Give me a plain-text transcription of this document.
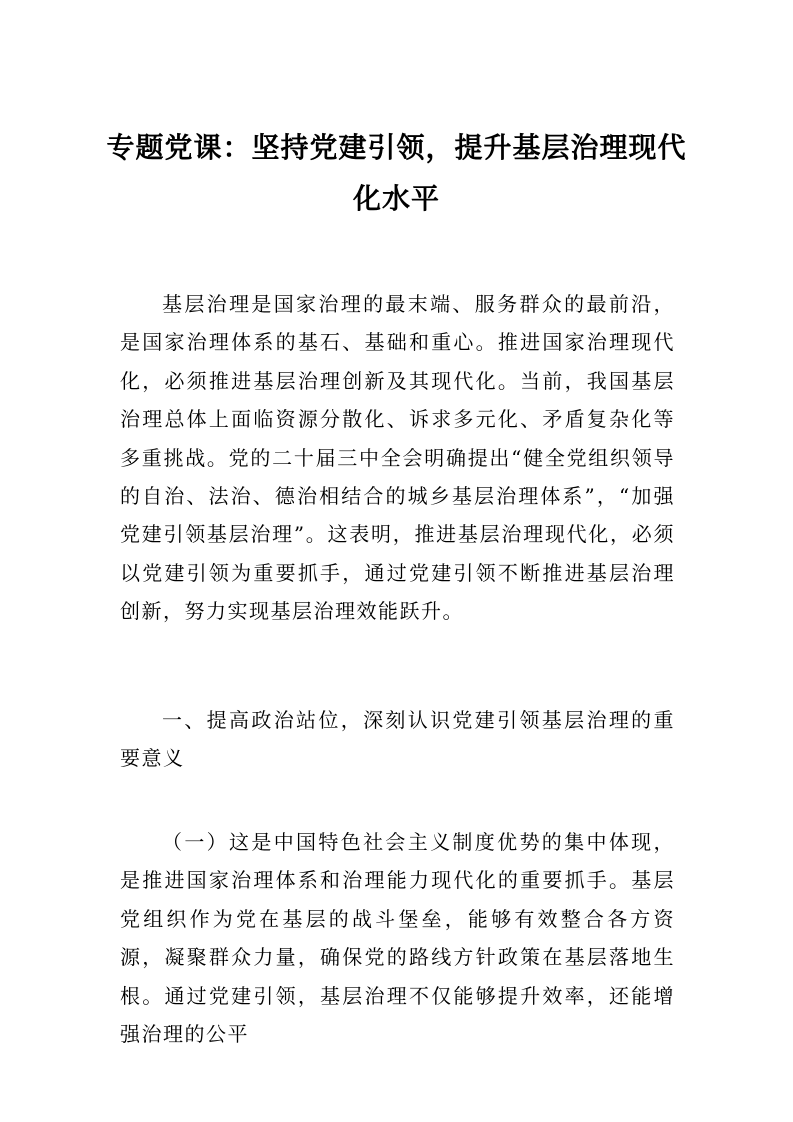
专题党课：坚持党建引领，提升基层治理现代化水平

基层治理是国家治理的最末端、服务群众的最前沿，是国家治理体系的基石、基础和重心。推进国家治理现代化，必须推进基层治理创新及其现代化。当前，我国基层治理总体上面临资源分散化、诉求多元化、矛盾复杂化等多重挑战。党的二十届三中全会明确提出“健全党组织领导的自治、法治、德治相结合的城乡基层治理体系”，“加强党建引领基层治理”。这表明，推进基层治理现代化，必须以党建引领为重要抓手，通过党建引领不断推进基层治理创新，努力实现基层治理效能跃升。

一、提高政治站位，深刻认识党建引领基层治理的重要意义

（一）这是中国特色社会主义制度优势的集中体现，是推进国家治理体系和治理能力现代化的重要抓手。基层党组织作为党在基层的战斗堡垒，能够有效整合各方资源，凝聚群众力量，确保党的路线方针政策在基层落地生根。通过党建引领，基层治理不仅能够提升效率，还能增强治理的公平
